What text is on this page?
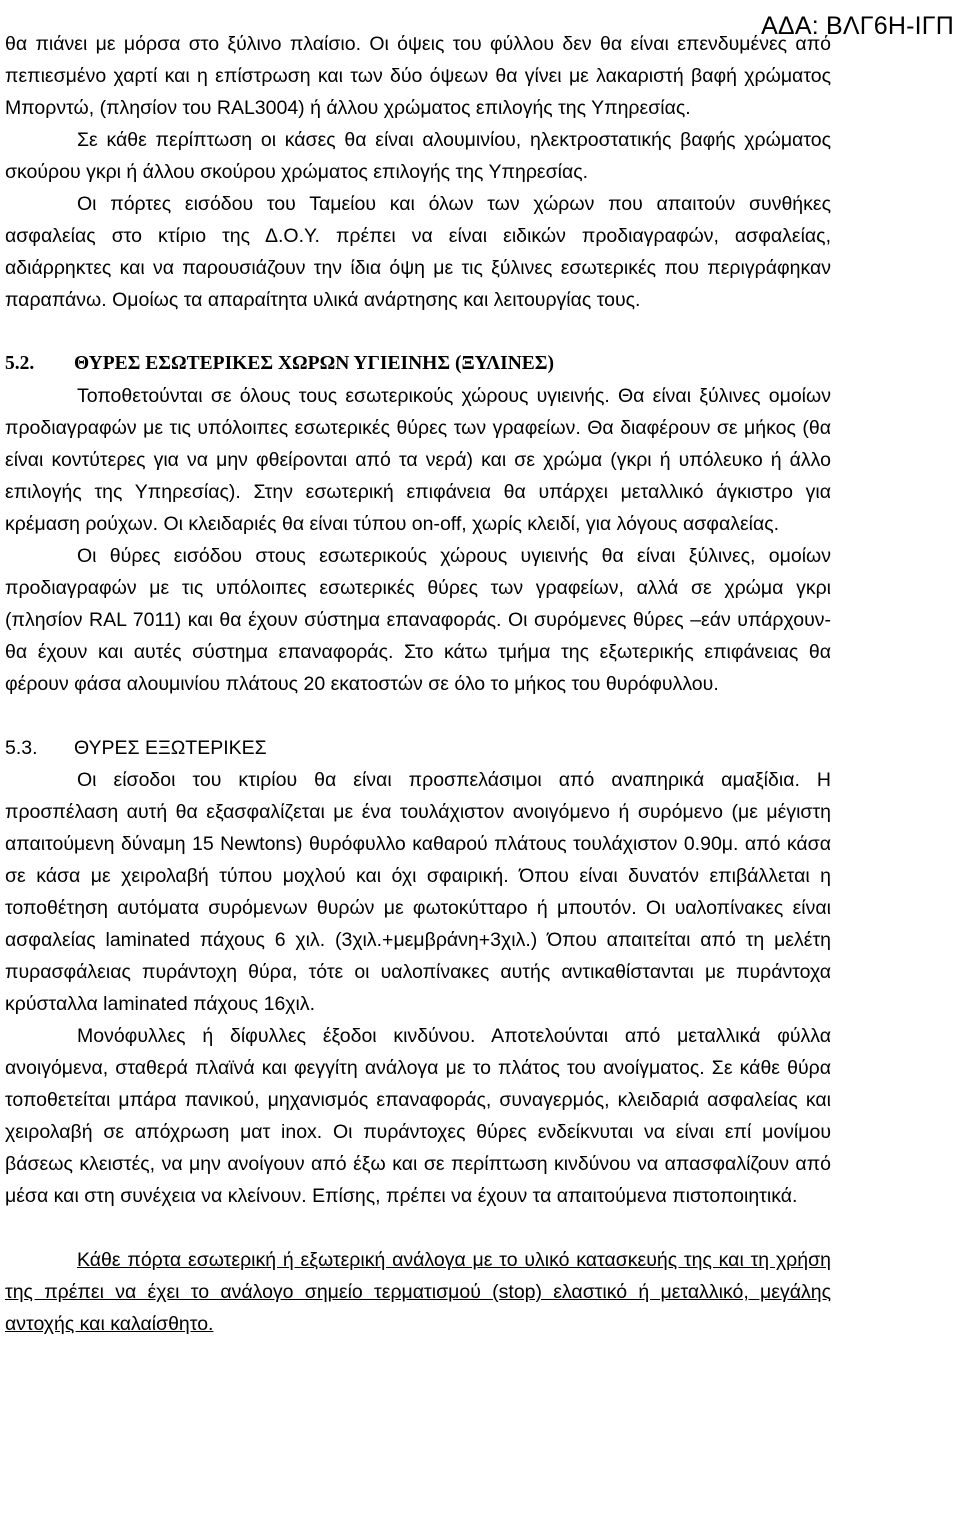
ΑΔΑ: ΒΛΓ6Η-ΙΓΠ

θα πιάνει με μόρσα στο ξύλινο πλαίσιο. Οι όψεις του φύλλου δεν θα είναι επενδυμένες από πεπιεσμένο χαρτί και η επίστρωση και των δύο όψεων θα γίνει με λακαριστή βαφή χρώματος Μπορντώ, (πλησίον του RAL3004) ή άλλου χρώματος επιλογής της Υπηρεσίας.

Σε κάθε περίπτωση οι κάσες θα είναι αλουμινίου, ηλεκτροστατικής βαφής χρώματος σκούρου γκρι ή άλλου σκούρου χρώματος επιλογής της Υπηρεσίας.

Οι πόρτες εισόδου του Ταμείου και όλων των χώρων που απαιτούν συνθήκες ασφαλείας στο κτίριο της Δ.Ο.Υ. πρέπει να είναι ειδικών προδιαγραφών, ασφαλείας, αδιάρρηκτες και να παρουσιάζουν την ίδια όψη με τις ξύλινες εσωτερικές που περιγράφηκαν παραπάνω. Ομοίως τα απαραίτητα υλικά ανάρτησης και λειτουργίας τους.

5.2.	ΘΥΡΕΣ ΕΣΩΤΕΡΙΚΕΣ ΧΩΡΩΝ ΥΓΙΕΙΝΗΣ (ΞΥΛΙΝΕΣ)

Τοποθετούνται σε όλους τους εσωτερικούς χώρους υγιεινής. Θα είναι ξύλινες ομοίων προδιαγραφών με τις υπόλοιπες εσωτερικές θύρες των γραφείων. Θα διαφέρουν σε μήκος (θα είναι κοντύτερες για να μην φθείρονται από τα νερά) και σε χρώμα (γκρι ή υπόλευκο ή άλλο επιλογής της Υπηρεσίας). Στην εσωτερική επιφάνεια θα υπάρχει μεταλλικό άγκιστρο για κρέμαση ρούχων. Οι κλειδαριές θα είναι τύπου on-off, χωρίς κλειδί, για λόγους ασφαλείας.

Οι θύρες εισόδου στους εσωτερικούς χώρους υγιεινής θα είναι ξύλινες, ομοίων προδιαγραφών με τις υπόλοιπες εσωτερικές θύρες των γραφείων, αλλά σε χρώμα γκρι (πλησίον RAL 7011) και θα έχουν σύστημα επαναφοράς. Οι συρόμενες θύρες –εάν υπάρχουν- θα έχουν και αυτές σύστημα επαναφοράς. Στο κάτω τμήμα της εξωτερικής επιφάνειας θα φέρουν φάσα αλουμινίου πλάτους 20 εκατοστών σε όλο το μήκος του θυρόφυλλου.

5.3.	ΘΥΡΕΣ ΕΞΩΤΕΡΙΚΕΣ

Οι είσοδοι του κτιρίου θα είναι προσπελάσιμοι από αναπηρικά αμαξίδια. Η προσπέλαση αυτή θα εξασφαλίζεται με ένα τουλάχιστον ανοιγόμενο ή συρόμενο (με μέγιστη απαιτούμενη δύναμη 15 Newtons) θυρόφυλλο καθαρού πλάτους τουλάχιστον 0.90μ. από κάσα σε κάσα με χειρολαβή τύπου μοχλού και όχι σφαιρική. Όπου είναι δυνατόν επιβάλλεται η τοποθέτηση αυτόματα συρόμενων θυρών με φωτοκύτταρο ή μπουτόν. Οι υαλοπίνακες είναι ασφαλείας laminated πάχους 6 χιλ. (3χιλ.+μεμβράνη+3χιλ.) Όπου απαιτείται από τη μελέτη πυρασφάλειας πυράντοχη θύρα, τότε οι υαλοπίνακες αυτής αντικαθίστανται με πυράντοχα κρύσταλλα laminated πάχους 16χιλ.

Μονόφυλλες ή δίφυλλες έξοδοι κινδύνου. Αποτελούνται από μεταλλικά φύλλα ανοιγόμενα, σταθερά πλαϊνά και φεγγίτη ανάλογα με το πλάτος του ανοίγματος. Σε κάθε θύρα τοποθετείται μπάρα πανικού, μηχανισμός επαναφοράς, συναγερμός, κλειδαριά ασφαλείας και χειρολαβή σε απόχρωση ματ inox. Οι πυράντοχες θύρες ενδείκνυται να είναι επί μονίμου βάσεως κλειστές, να μην ανοίγουν από έξω και σε περίπτωση κινδύνου να απασφαλίζουν από μέσα και στη συνέχεια να κλείνουν. Επίσης, πρέπει να έχουν τα απαιτούμενα πιστοποιητικά.

Κάθε πόρτα εσωτερική ή εξωτερική ανάλογα με το υλικό κατασκευής της και τη χρήση της πρέπει να έχει το ανάλογο σημείο τερματισμού (stop) ελαστικό ή μεταλλικό, μεγάλης αντοχής και καλαίσθητο.
